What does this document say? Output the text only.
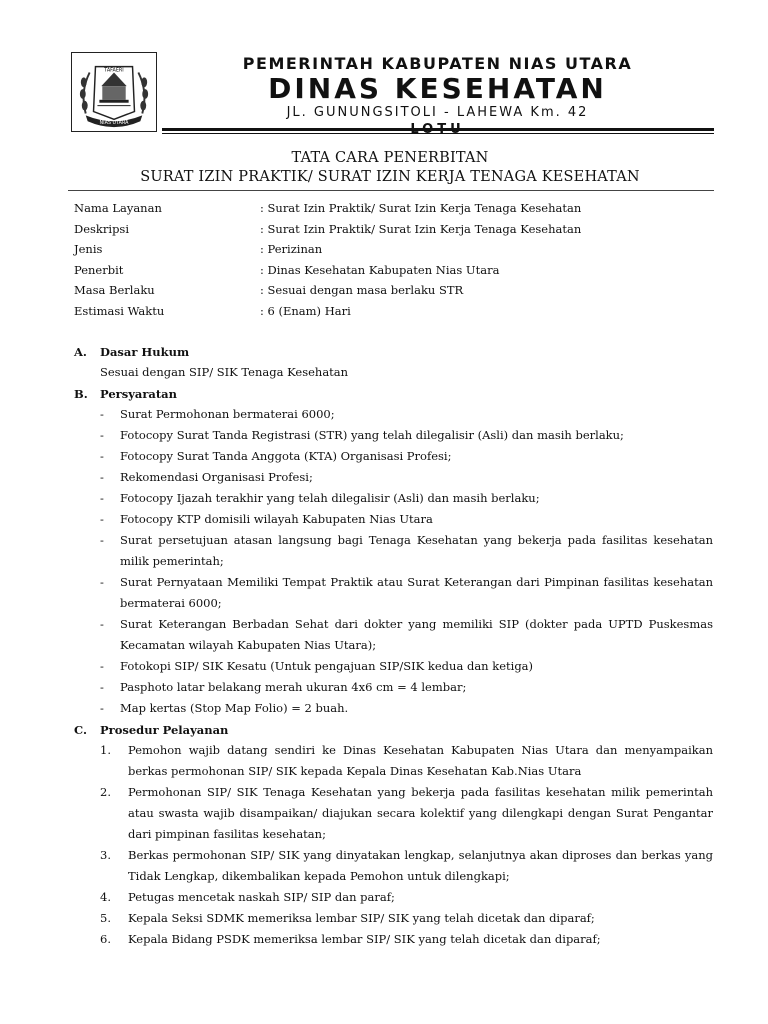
TAFAERI
NIAS UTARA
PEMERINTAH KABUPATEN NIAS UTARA
DINAS KESEHATAN
JL. GUNUNGSITOLI - LAHEWA Km. 42
TATA CARA PENERBITAN
SURAT IZIN PRAKTIK/ SURAT IZIN KERJA TENAGA KESEHATAN
Nama Layanan	: Surat Izin Praktik/ Surat Izin Kerja Tenaga Kesehatan
Deskripsi	: Surat Izin Praktik/ Surat Izin Kerja Tenaga Kesehatan
Jenis	: Perizinan
Penerbit	: Dinas Kesehatan Kabupaten Nias Utara
Masa Berlaku	: Sesuai dengan masa berlaku STR
Estimasi Waktu	: 6 (Enam) Hari
A. Dasar Hukum
Sesuai dengan SIP/ SIK Tenaga Kesehatan
B. Persyaratan
- Surat Permohonan bermaterai 6000;
- Fotocopy Surat Tanda Registrasi (STR) yang telah dilegalisir (Asli) dan masih berlaku;
- Fotocopy Surat Tanda Anggota (KTA) Organisasi Profesi;
- Rekomendasi Organisasi Profesi;
- Fotocopy Ijazah terakhir yang telah dilegalisir (Asli) dan masih berlaku;
- Fotocopy KTP domisili wilayah Kabupaten Nias Utara
- Surat persetujuan atasan langsung bagi Tenaga Kesehatan yang bekerja pada fasilitas kesehatan milik pemerintah;
- Surat Pernyataan Memiliki Tempat Praktik atau Surat Keterangan dari Pimpinan fasilitas kesehatan bermaterai 6000;
- Surat Keterangan Berbadan Sehat dari dokter yang memiliki SIP (dokter pada UPTD Puskesmas Kecamatan wilayah Kabupaten Nias Utara);
- Fotokopi SIP/ SIK Kesatu (Untuk pengajuan SIP/SIK kedua dan ketiga)
- Pasphoto latar belakang merah ukuran 4x6 cm = 4 lembar;
- Map kertas (Stop Map Folio) = 2 buah.
C. Prosedur Pelayanan
1. Pemohon wajib datang sendiri ke Dinas Kesehatan Kabupaten Nias Utara dan menyampaikan berkas permohonan SIP/ SIK kepada Kepala Dinas Kesehatan Kab.Nias Utara
2. Permohonan SIP/ SIK Tenaga Kesehatan yang bekerja pada fasilitas kesehatan milik pemerintah atau swasta wajib disampaikan/ diajukan secara kolektif yang dilengkapi dengan Surat Pengantar dari pimpinan fasilitas kesehatan;
3. Berkas permohonan SIP/ SIK yang dinyatakan lengkap, selanjutnya akan diproses dan berkas yang Tidak Lengkap, dikembalikan kepada Pemohon untuk dilengkapi;
4. Petugas mencetak naskah SIP/ SIP dan paraf;
5. Kepala Seksi SDMK memeriksa lembar SIP/ SIK yang telah dicetak dan diparaf;
6. Kepala Bidang PSDK memeriksa lembar SIP/ SIK yang telah dicetak dan diparaf;
